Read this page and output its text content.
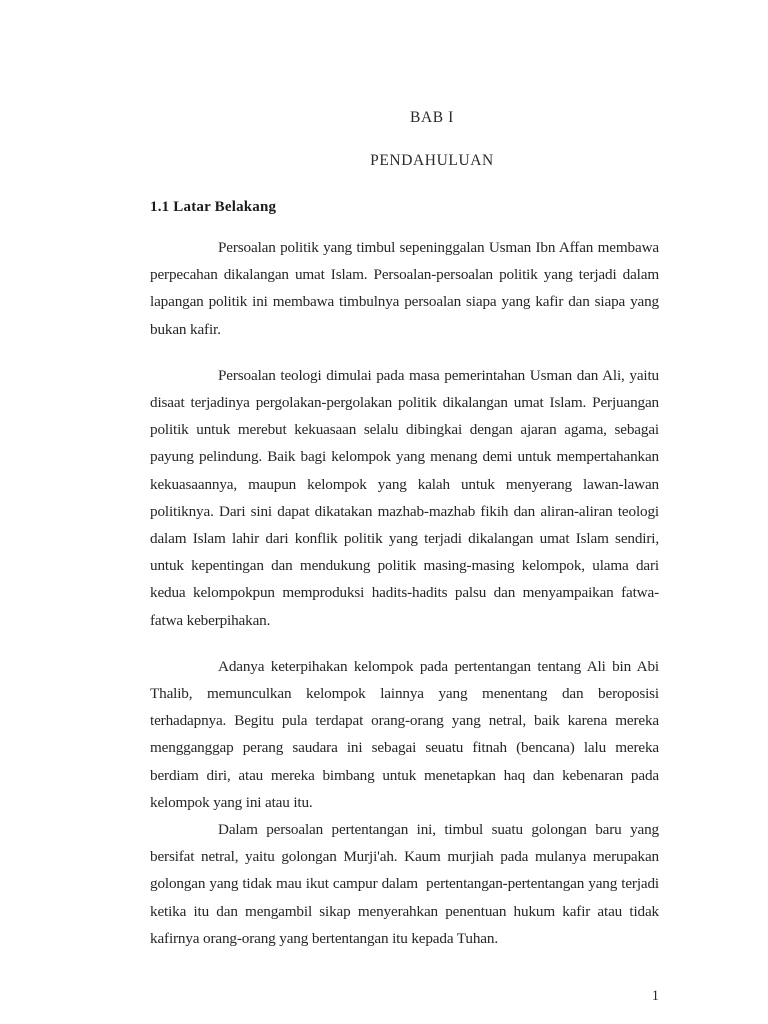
BAB I
PENDAHULUAN
1.1 Latar Belakang

Persoalan politik yang timbul sepeninggalan Usman Ibn Affan membawa perpecahan dikalangan umat Islam. Persoalan-persoalan politik yang terjadi dalam lapangan politik ini membawa timbulnya persoalan siapa yang kafir dan siapa yang bukan kafir.

Persoalan teologi dimulai pada masa pemerintahan Usman dan Ali, yaitu disaat terjadinya pergolakan-pergolakan politik dikalangan umat Islam. Perjuangan politik untuk merebut kekuasaan selalu dibingkai dengan ajaran agama, sebagai payung pelindung. Baik bagi kelompok yang menang demi untuk mempertahankan kekuasaannya, maupun kelompok yang kalah untuk menyerang lawan-lawan politiknya. Dari sini dapat dikatakan mazhab-mazhab fikih dan aliran-aliran teologi dalam Islam lahir dari konflik politik yang terjadi dikalangan umat Islam sendiri, untuk kepentingan dan mendukung politik masing-masing kelompok, ulama dari kedua kelompokpun memproduksi hadits-hadits palsu dan menyampaikan fatwa-fatwa keberpihakan.

Adanya keterpihakan kelompok pada pertentangan tentang Ali bin Abi Thalib, memunculkan kelompok lainnya yang menentang dan beroposisi terhadapnya. Begitu pula terdapat orang-orang yang netral, baik karena mereka mengganggap perang saudara ini sebagai seuatu fitnah (bencana) lalu mereka berdiam diri, atau mereka bimbang untuk menetapkan haq dan kebenaran pada kelompok yang ini atau itu.

Dalam persoalan pertentangan ini, timbul suatu golongan baru yang bersifat netral, yaitu golongan Murji'ah. Kaum murjiah pada mulanya merupakan golongan yang tidak mau ikut campur dalam  pertentangan-pertentangan yang terjadi ketika itu dan mengambil sikap menyerahkan penentuan hukum kafir atau tidak kafirnya orang-orang yang bertentangan itu kepada Tuhan.

1
